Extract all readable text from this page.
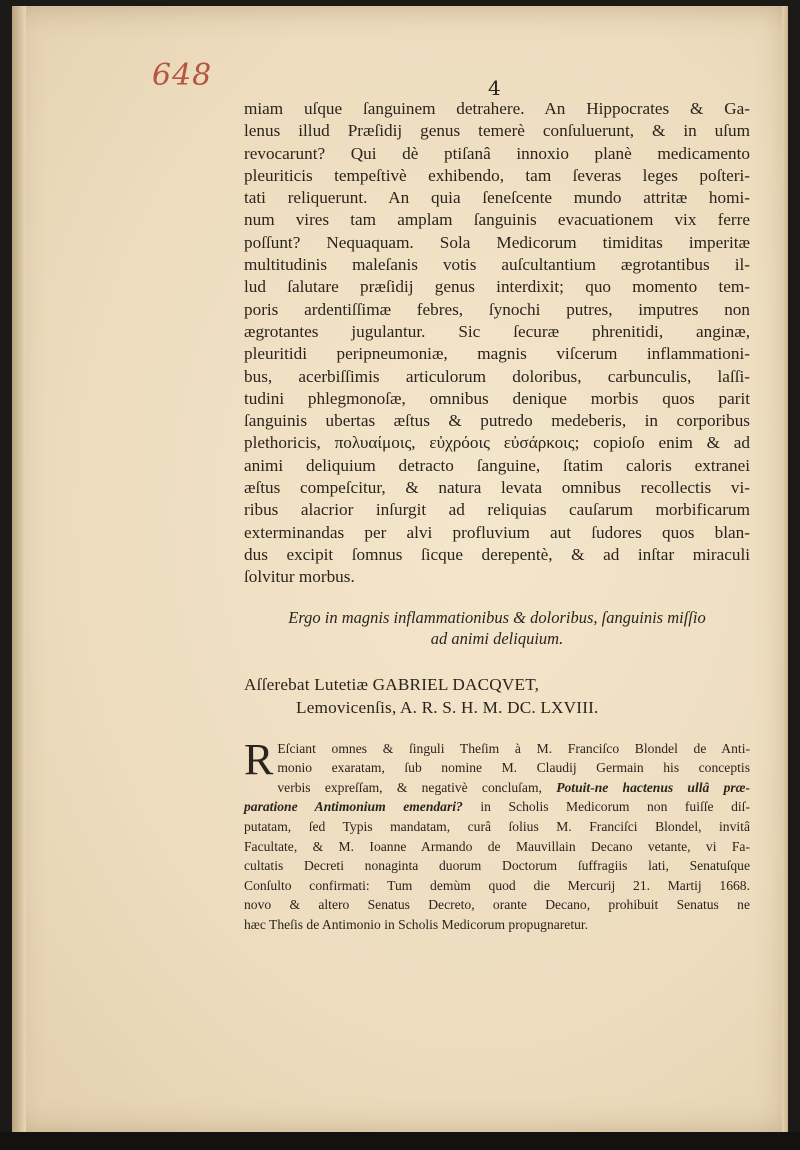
648	4
miam uſque ſanguinem detrahere. An Hippocrates & Ga-
lenus illud Præſidij genus temerè conſuluerunt, & in uſum
revocarunt? Qui dè ptiſanâ innoxio planè medicamento
pleuriticis tempeſtivè exhibendo, tam ſeveras leges poſteri-
tati reliquerunt. An quia ſeneſcente mundo attritæ homi-
num vires tam amplam ſanguinis evacuationem vix ferre
poſſunt? Nequaquam. Sola Medicorum timiditas imperitæ
multitudinis maleſanis votis auſcultantium ægrotantibus il-
lud ſalutare præſidij genus interdixit; quo momento tem-
poris ardentiſſimæ febres, ſynochi putres, imputres non
ægrotantes jugulantur. Sic ſecuræ phrenitidi, anginæ,
pleuritidi peripneumoniæ, magnis viſcerum inflammationi-
bus, acerbiſſimis articulorum doloribus, carbunculis, laſſi-
tudini phlegmonoſæ, omnibus denique morbis quos parit
ſanguinis ubertas æſtus & putredo medeberis, in corporibus
plethoricis, πολυαίμοις, εὐχρόοις εὐσάρκοις; copioſo enim & ad
animi deliquium detracto ſanguine, ſtatim caloris extranei
æſtus compeſcitur, & natura levata omnibus recollectis vi-
ribus alacrior inſurgit ad reliquias cauſarum morbificarum
exterminandas per alvi profluvium aut ſudores quos blan-
dus excipit ſomnus ſicque derepentè, & ad inſtar miraculi
ſolvitur morbus.
Ergo in magnis inflammationibus & doloribus, ſanguinis miſſio
ad animi deliquium.
Aſſerebat Lutetiæ GABRIEL DACQVET,
Lemovicenſis, A. R. S. H. M. DC. LXVIII.
R Eſciant omnes & ſinguli Theſim à M. Franciſco Blondel de Anti-
monio exaratam, ſub nomine M. Claudij Germain his conceptis
verbis expreſſam, & negativè concluſam, Potuit-ne hactenus ullâ præ-
paratione Antimonium emendari? in Scholis Medicorum non fuiſſe diſ-
putatam, ſed Typis mandatam, curâ ſolius M. Franciſci Blondel, invitâ
Facultate, & M. Ioanne Armando de Mauvillain Decano vetante, vi Fa-
cultatis Decreti nonaginta duorum Doctorum ſuffragiis lati, Senatuſque
Conſulto confirmati: Tum demùm quod die Mercurij 21. Martij 1668.
novo & altero Senatus Decreto, orante Decano, prohibuit Senatus ne
hæc Theſis de Antimonio in Scholis Medicorum propugnaretur.
